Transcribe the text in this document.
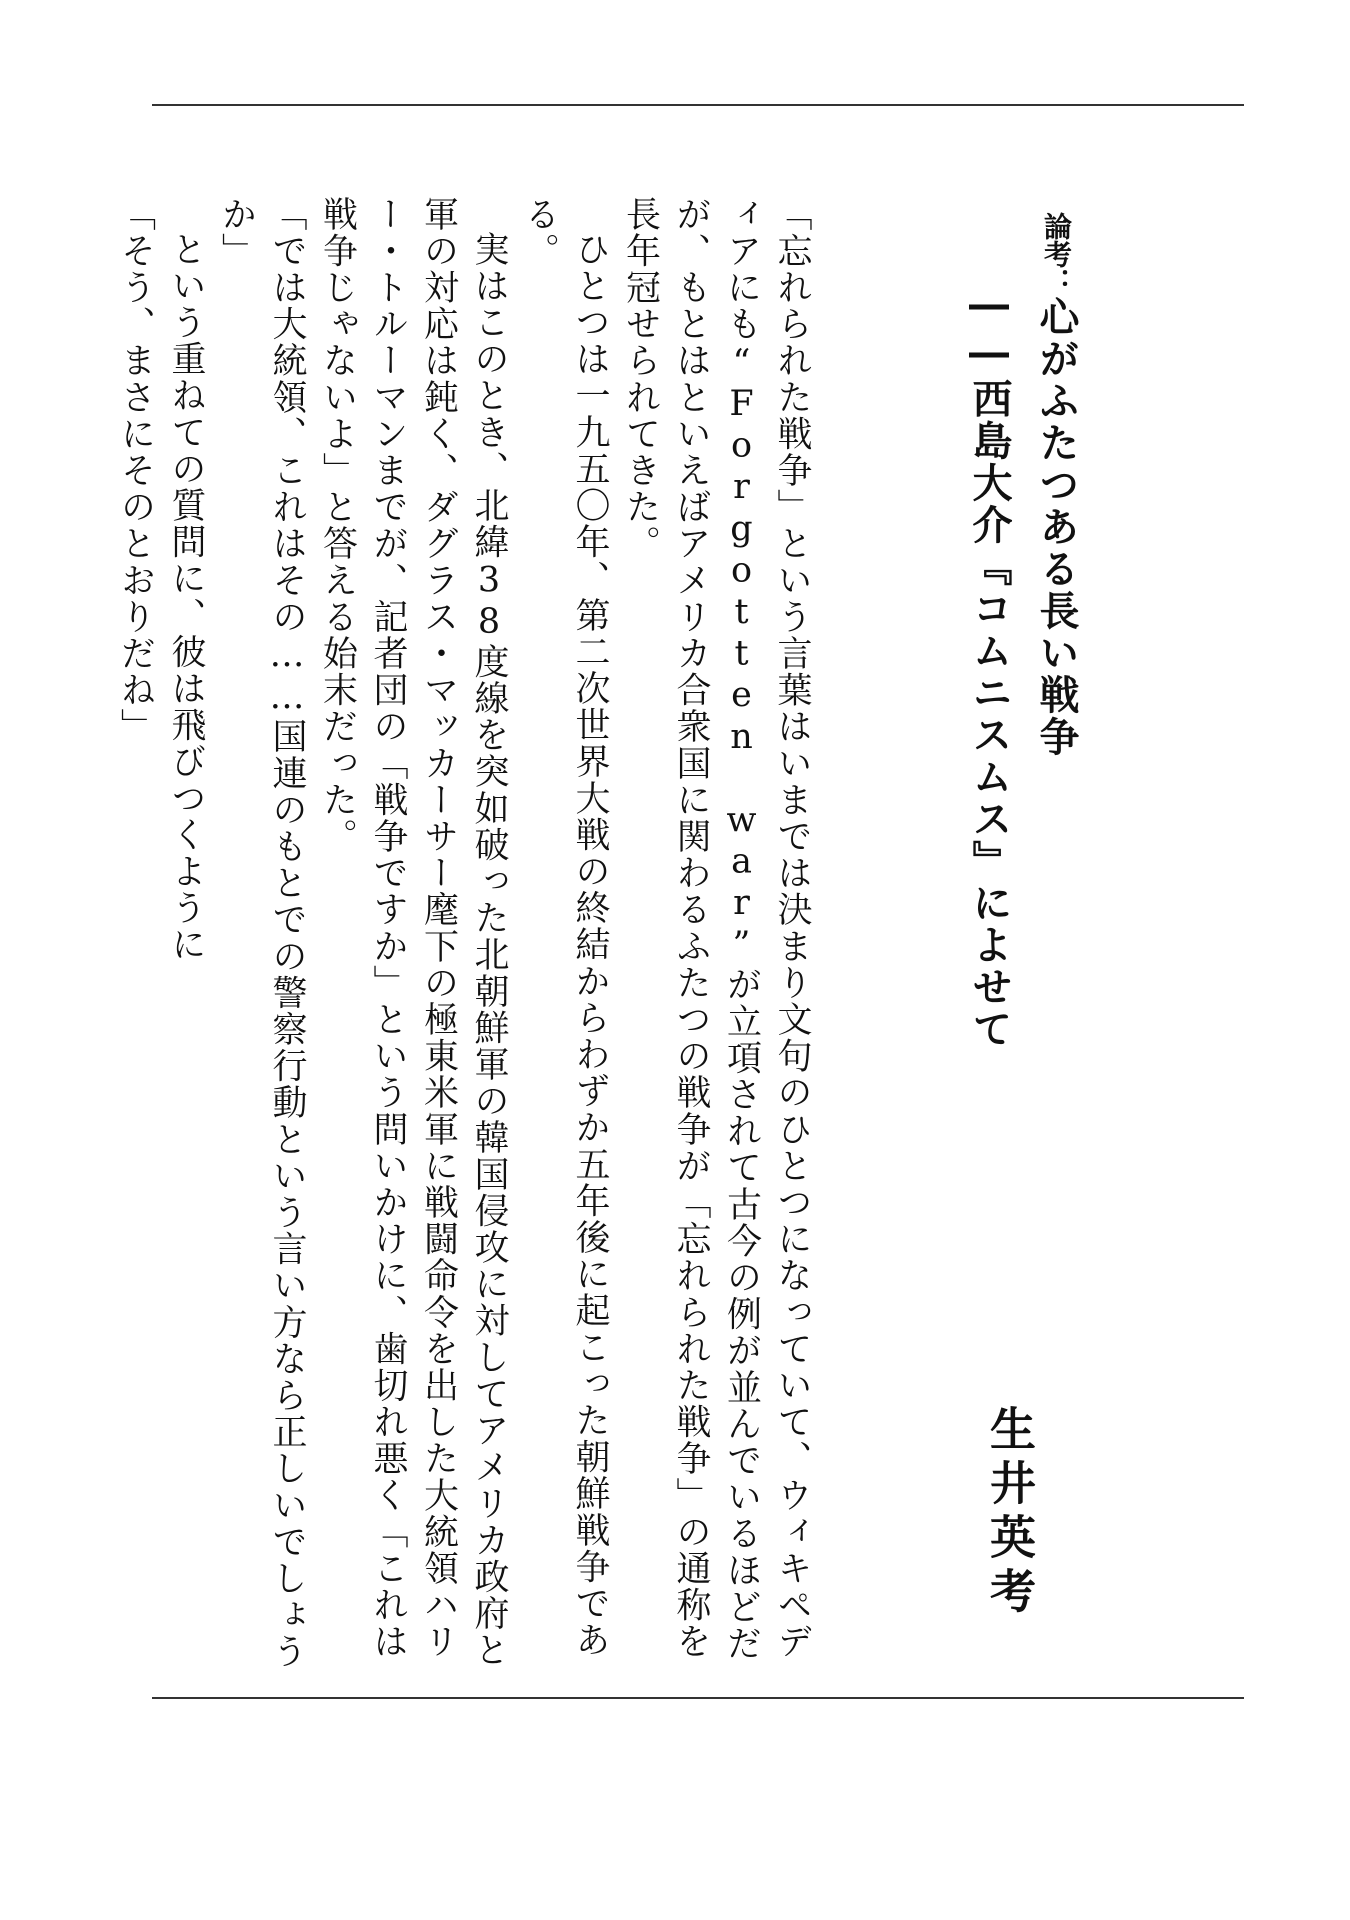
論考：心がふたつある長い戦争
――西島大介『コムニスムス』によせて
生井英考

「忘れられた戦争」という言葉はいまでは決まり文句のひとつになっていて、ウィキペディアにも“Forgotten war”が立項されて古今の例が並んでいるほどだが、もとはといえばアメリカ合衆国に関わるふたつの戦争が「忘れられた戦争」の通称を長年冠せられてきた。

ひとつは一九五〇年、第二次世界大戦の終結からわずか五年後に起こった朝鮮戦争である。

実はこのとき、北緯38度線を突如破った北朝鮮軍の韓国侵攻に対してアメリカ政府と軍の対応は鈍く、ダグラス・マッカーサー麾下の極東米軍に戦闘命令を出した大統領ハリー・トルーマンまでが、記者団の「戦争ですか」という問いかけに、歯切れ悪く「これは戦争じゃないよ」と答える始末だった。

「では大統領、これはその……国連のもとでの警察行動という言い方なら正しいでしょうか」

という重ねての質問に、彼は飛びつくように

「そう、まさにそのとおりだね」
